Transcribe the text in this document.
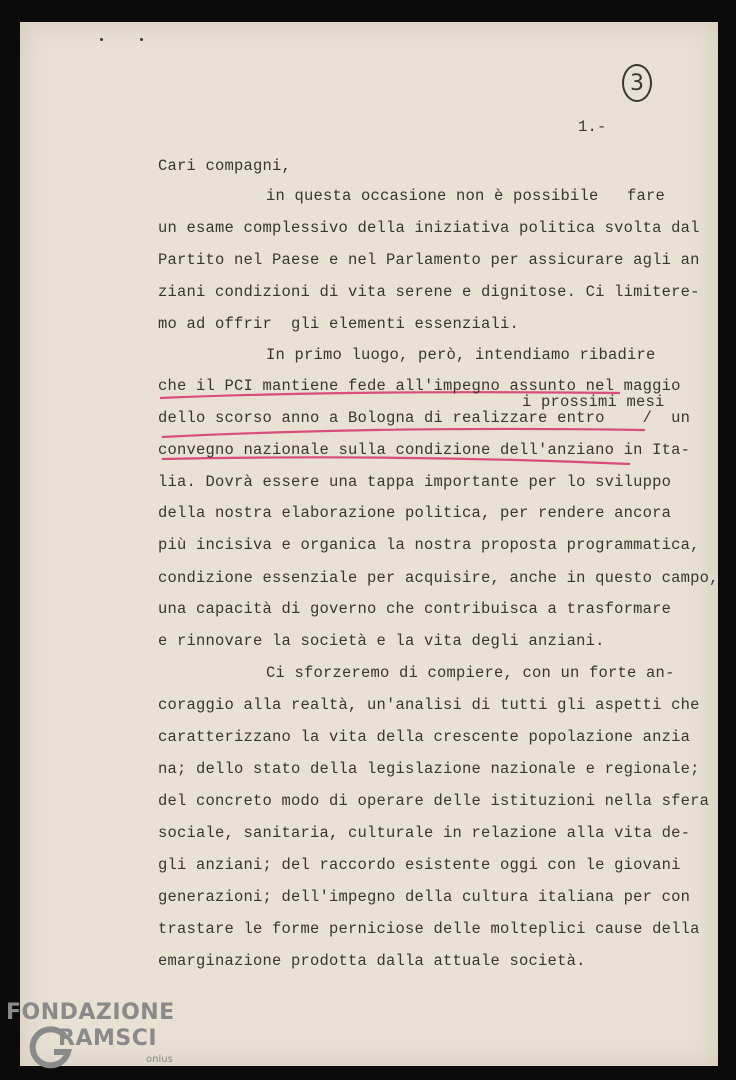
3
1.-
Cari compagni,
in questa occasione non è possibile   fare
un esame complessivo della iniziativa politica svolta dal
Partito nel Paese e nel Parlamento per assicurare agli an
ziani condizioni di vita serene e dignitose. Ci limitere-
mo ad offrir  gli elementi essenziali.
In primo luogo, però, intendiamo ribadire
che il PCI mantiene fede all'impegno assunto nel maggio
i prossimi mesi
dello scorso anno a Bologna di realizzare entro    /  un
convegno nazionale sulla condizione dell'anziano in Ita-
lia. Dovrà essere una tappa importante per lo sviluppo
della nostra elaborazione politica, per rendere ancora
più incisiva e organica la nostra proposta programmatica,
condizione essenziale per acquisire, anche in questo campo,
una capacità di governo che contribuisca a trasformare
e rinnovare la società e la vita degli anziani.
Ci sforzeremo di compiere, con un forte an-
coraggio alla realtà, un'analisi di tutti gli aspetti che
caratterizzano la vita della crescente popolazione anzia
na; dello stato della legislazione nazionale e regionale;
del concreto modo di operare delle istituzioni nella sfera
sociale, sanitaria, culturale in relazione alla vita de-
gli anziani; del raccordo esistente oggi con le giovani
generazioni; dell'impegno della cultura italiana per con
trastare le forme perniciose delle molteplici cause della
emarginazione prodotta dalla attuale società.
FONDAZIONE
RAMSCI
onlus
